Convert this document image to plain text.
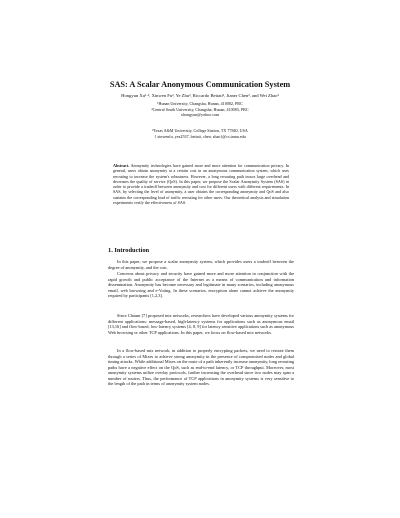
SAS: A Scalar Anonymous Communication System
Hongyun Xu¹·², Xinwen Fu³, Ye Zhu³, Riccardo Bettati³, Jianer Chen³, and Wei Zhao³
¹Hunan University, Changsha, Hunan, 410082, PRC
²Central South University, Changsha, Hunan, 410083, PRC
xhongyun@yahoo.com
³Texas A&M University, College Station, TX 77840, USA
{ xinwenfu, yez2537, bettati, chen, zhao}@cs.tamu.edu
Abstract. Anonymity technologies have gained more and more attention for communication privacy. In general, users obtain anonymity at a certain cost in an anonymous communication system, which uses rerouting to increase the system's robustness. However, a long rerouting path incurs large overhead and decreases the quality of service (QoS). In this paper, we propose the Scalar Anonymity System (SAS) in order to provide a tradeoff between anonymity and cost for different users with different requirements. In SAS, by selecting the level of anonymity, a user obtains the corresponding anonymity and QoS and also sustains the corresponding load of traffic rerouting for other users. Our theoretical analysis and simulation experiments verify the effectiveness of SAS.
1. Introduction

In this paper, we propose a scalar anonymity system, which provides users a tradeoff between the degree of anonymity, and the cost.

Concerns about privacy and security have gained more and more attention in conjunction with the rapid growth and public acceptance of the Internet as a means of communication and information dissemination. Anonymity has become necessary and legitimate in many scenarios, including anonymous email, web browsing and e-Voting. In these scenarios, encryption alone cannot achieve the anonymity required by participants [1,2,3].

Since Chaum [7] proposed mix networks, researchers have developed various anonymity systems for different applications: message-based, high-latency systems for applications such as anonymous email [13,16] and flow-based, low-latency systems [4, 8, 9] for latency sensitive applications such as anonymous Web browsing or other TCP applications. In this paper, we focus on flow-based mix networks.

In a flow-based mix network, in addition to properly encrypting packets, we need to reroute them through a series of Mixes to achieve strong anonymity in the presence of compromised nodes and global timing attacks. While additional Mixes on the route of a path inherently increase anonymity, long rerouting paths have a negative effect on the QoS, such as end-to-end latency, or TCP throughput. Moreover, most anonymity systems utilize overlay protocols, further increasing the overhead since two nodes may span a number of routers. Thus, the performance of TCP applications in anonymity systems is very sensitive to the length of the path in terms of anonymity system nodes.
